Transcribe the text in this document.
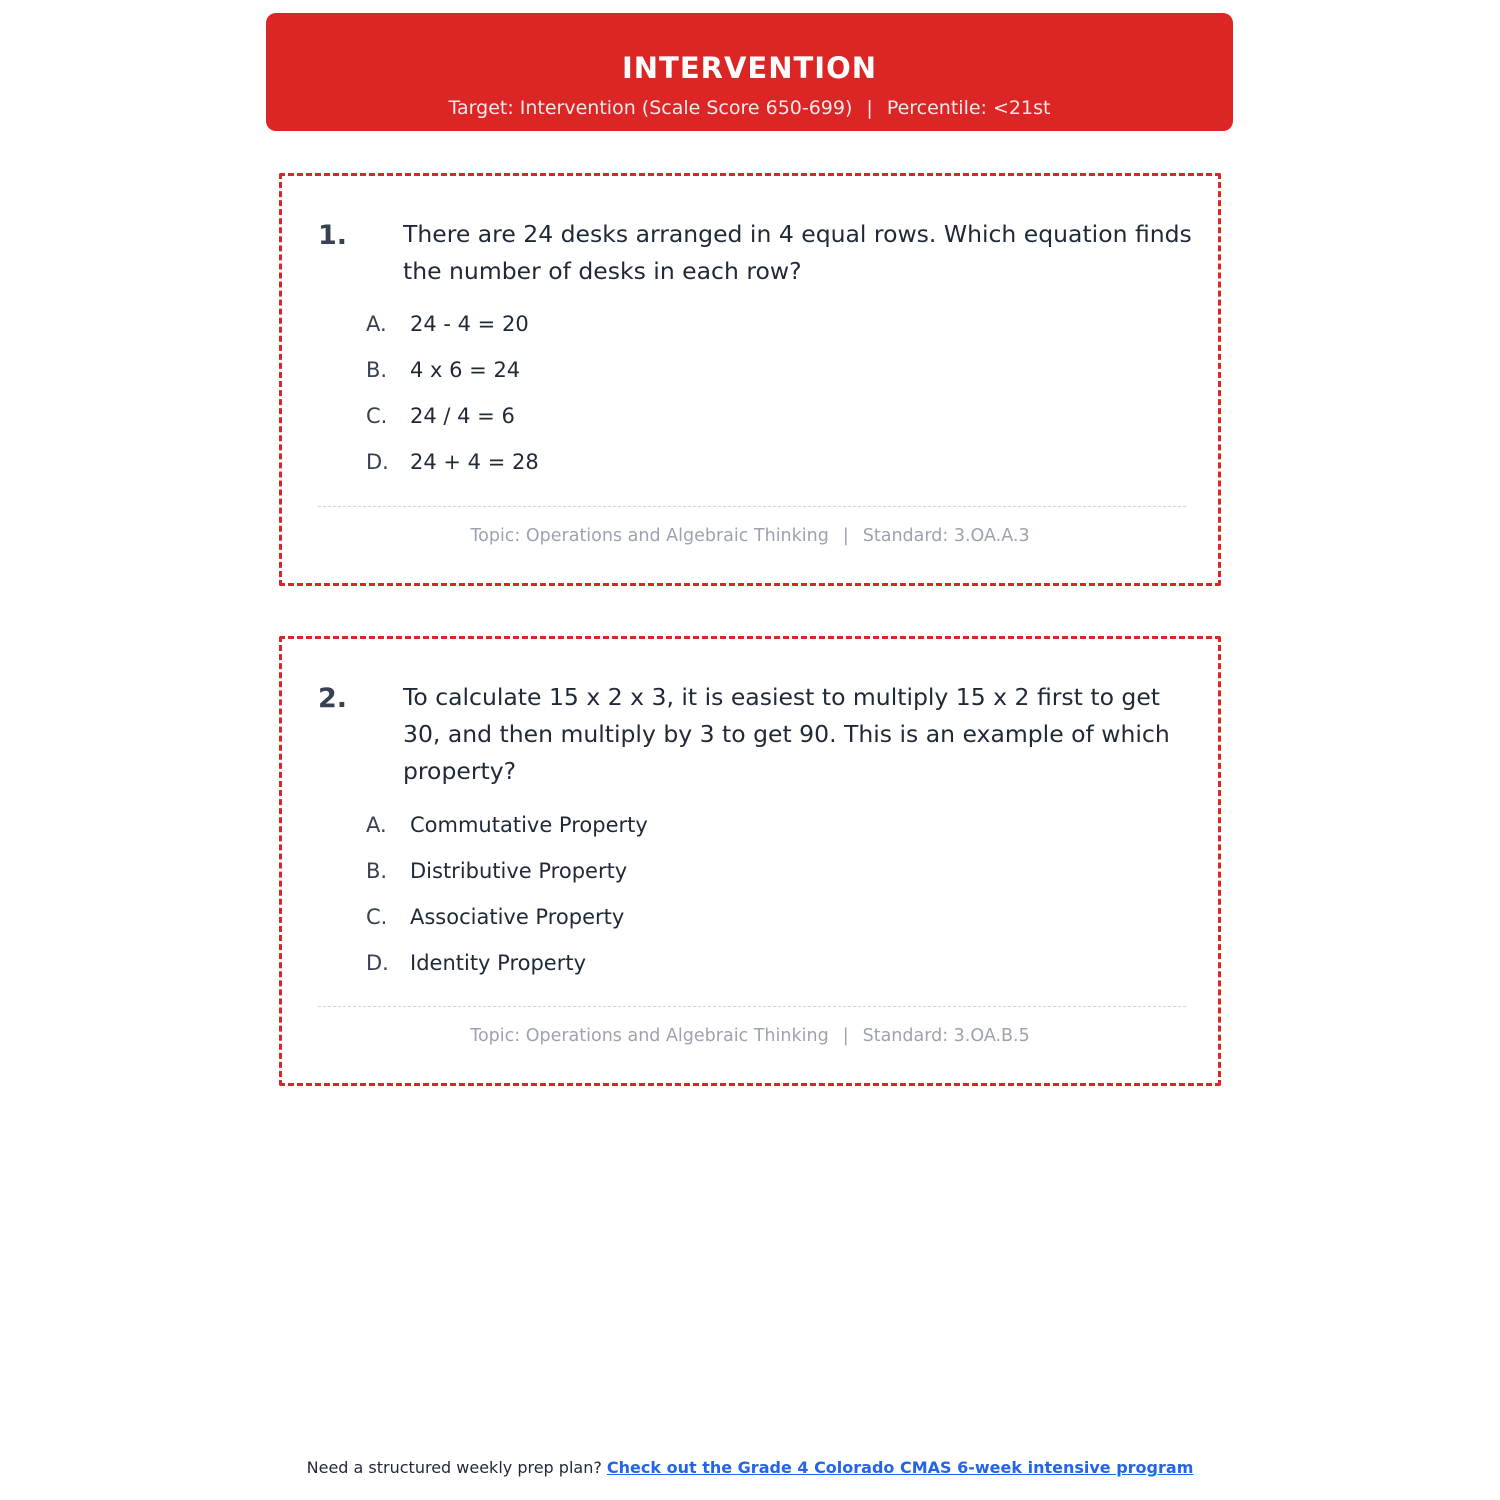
INTERVENTION
Target: Intervention (Scale Score 650-699) | Percentile: <21st
1. There are 24 desks arranged in 4 equal rows. Which equation finds the number of desks in each row?
A. 24 - 4 = 20
B. 4 x 6 = 24
C. 24 / 4 = 6
D. 24 + 4 = 28
Topic: Operations and Algebraic Thinking | Standard: 3.OA.A.3
2. To calculate 15 x 2 x 3, it is easiest to multiply 15 x 2 first to get 30, and then multiply by 3 to get 90. This is an example of which property?
A. Commutative Property
B. Distributive Property
C. Associative Property
D. Identity Property
Topic: Operations and Algebraic Thinking | Standard: 3.OA.B.5
Need a structured weekly prep plan? Check out the Grade 4 Colorado CMAS 6-week intensive program
